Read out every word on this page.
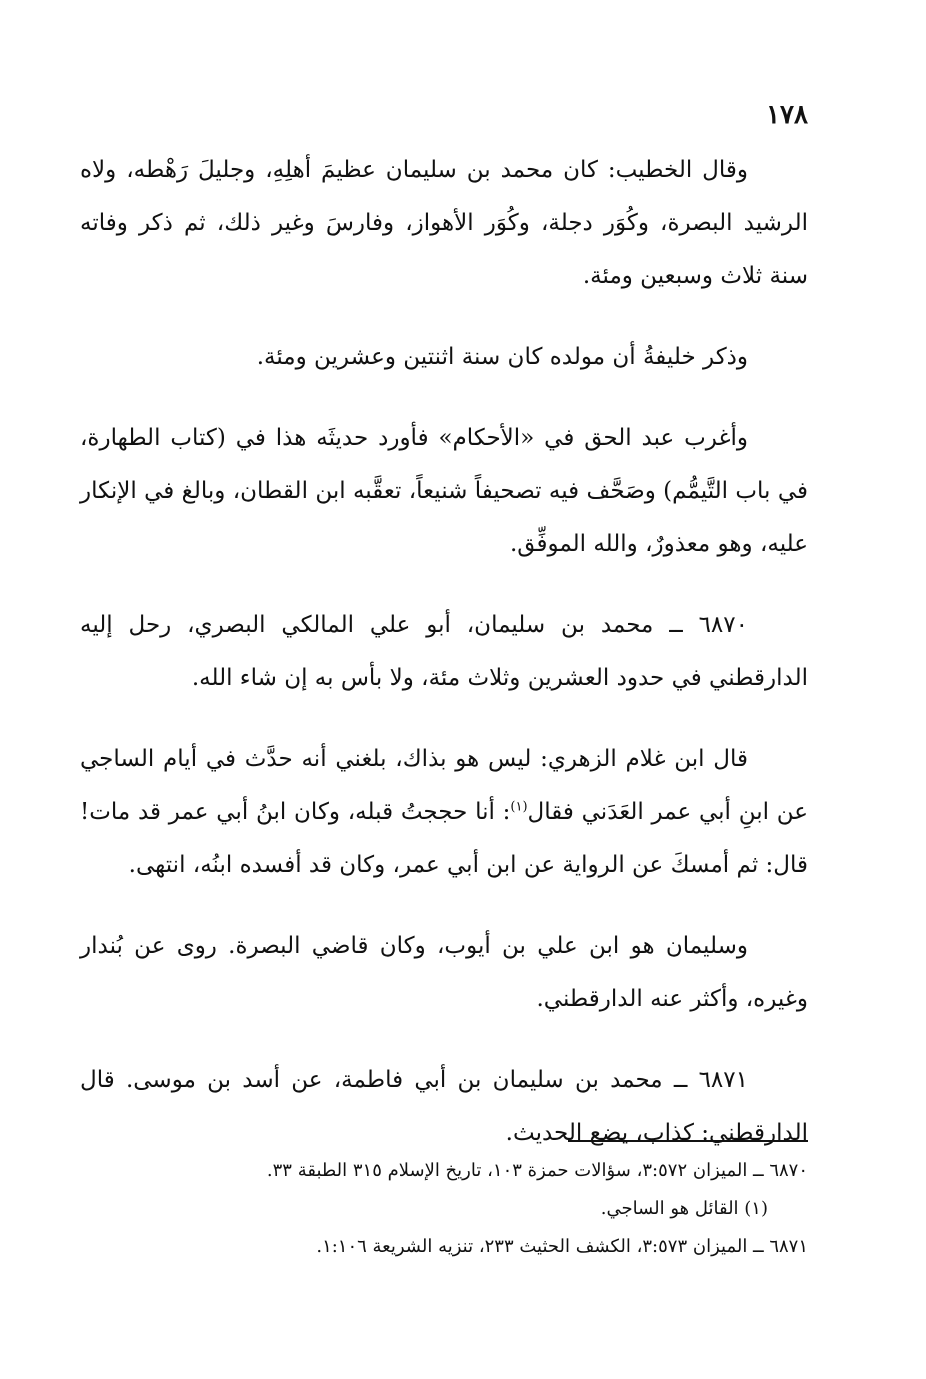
١٧٨

وقال الخطيب: كان محمد بن سليمان عظيمَ أهلِهِ، وجليلَ رَهْطه، ولاه الرشيد البصرة، وكُوَر دجلة، وكُوَر الأهواز، وفارسَ وغير ذلك، ثم ذكر وفاته سنة ثلاث وسبعين ومئة.

وذكر خليفةُ أن مولده كان سنة اثنتين وعشرين ومئة.

وأغرب عبد الحق في «الأحكام» فأورد حديثَه هذا في (كتاب الطهارة، في باب التَّيمُّم) وصَحَّف فيه تصحيفاً شنيعاً، تعقَّبه ابن القطان، وبالغ في الإنكار عليه، وهو معذورٌ، والله الموفِّق.

٦٨٧٠ ــ محمد بن سليمان، أبو علي المالكي البصري، رحل إليه الدارقطني في حدود العشرين وثلاث مئة، ولا بأس به إن شاء الله.

قال ابن غلام الزهري: ليس هو بذاك، بلغني أنه حدَّث في أيام الساجي عن ابنِ أبي عمر العَدَني فقال$^{(١)}$: أنا حججتُ قبله، وكان ابنُ أبي عمر قد مات! قال: ثم أمسكَ عن الرواية عن ابن أبي عمر، وكان قد أفسده ابنُه، انتهى.

وسليمان هو ابن علي بن أيوب، وكان قاضي البصرة. روى عن بُندار وغيره، وأكثر عنه الدارقطني.

٦٨٧١ ــ محمد بن سليمان بن أبي فاطمة، عن أسد بن موسى. قال الدارقطني: كذاب، يضع الحديث.

٦٨٧٠ ــ الميزان ٣:٥٧٢، سؤالات حمزة ١٠٣، تاريخ الإسلام ٣١٥ الطبقة ٣٣.

(١) القائل هو الساجي.

٦٨٧١ ــ الميزان ٣:٥٧٣، الكشف الحثيث ٢٣٣، تنزيه الشريعة ١:١٠٦.
